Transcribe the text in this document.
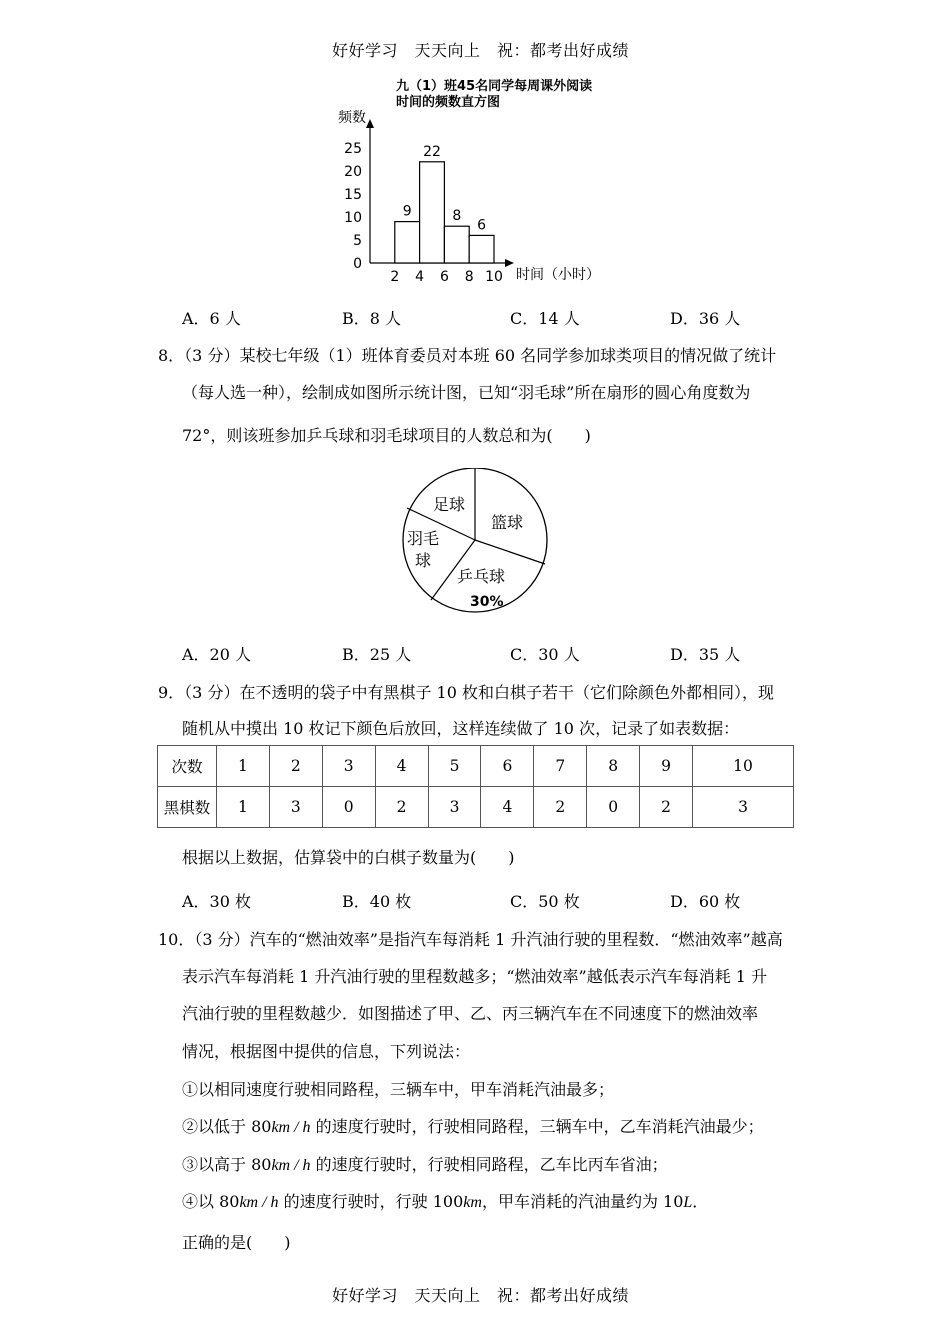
好好学习　天天向上　祝：都考出好成绩
九（1）班45名同学每周课外阅读
时间的频数直方图
频数
时间（小时）
0
5
10
15
20
25
2 4 6 8 10
9
22
8
6
A．6 人	B．8 人	C．14 人	D．36 人
8．（3 分）某校七年级（1）班体育委员对本班 60 名同学参加球类项目的情况做了统计
（每人选一种），绘制成如图所示统计图，已知“羽毛球”所在扇形的圆心角度数为
72°，则该班参加乒乓球和羽毛球项目的人数总和为(　　)
足球
篮球
羽毛
球
乒乓球
30%
A．20 人	B．25 人	C．30 人	D．35 人
9．（3 分）在不透明的袋子中有黑棋子 10 枚和白棋子若干（它们除颜色外都相同），现
随机从中摸出 10 枚记下颜色后放回，这样连续做了 10 次，记录了如表数据：
次数	1	2	3	4	5	6	7	8	9	10
黑棋数	1	3	0	2	3	4	2	0	2	3
根据以上数据，估算袋中的白棋子数量为(　　)
A．30 枚	B．40 枚	C．50 枚	D．60 枚
10．（3 分）汽车的“燃油效率”是指汽车每消耗 1 升汽油行驶的里程数．“燃油效率”越高
表示汽车每消耗 1 升汽油行驶的里程数越多；“燃油效率”越低表示汽车每消耗 1 升
汽油行驶的里程数越少．如图描述了甲、乙、丙三辆汽车在不同速度下的燃油效率
情况，根据图中提供的信息，下列说法：
①以相同速度行驶相同路程，三辆车中，甲车消耗汽油最多；
②以低于 80km / h 的速度行驶时，行驶相同路程，三辆车中，乙车消耗汽油最少；
③以高于 80km / h 的速度行驶时，行驶相同路程，乙车比丙车省油；
④以 80km / h 的速度行驶时，行驶 100km，甲车消耗的汽油量约为 10L．
正确的是(　　)
好好学习　天天向上　祝：都考出好成绩
